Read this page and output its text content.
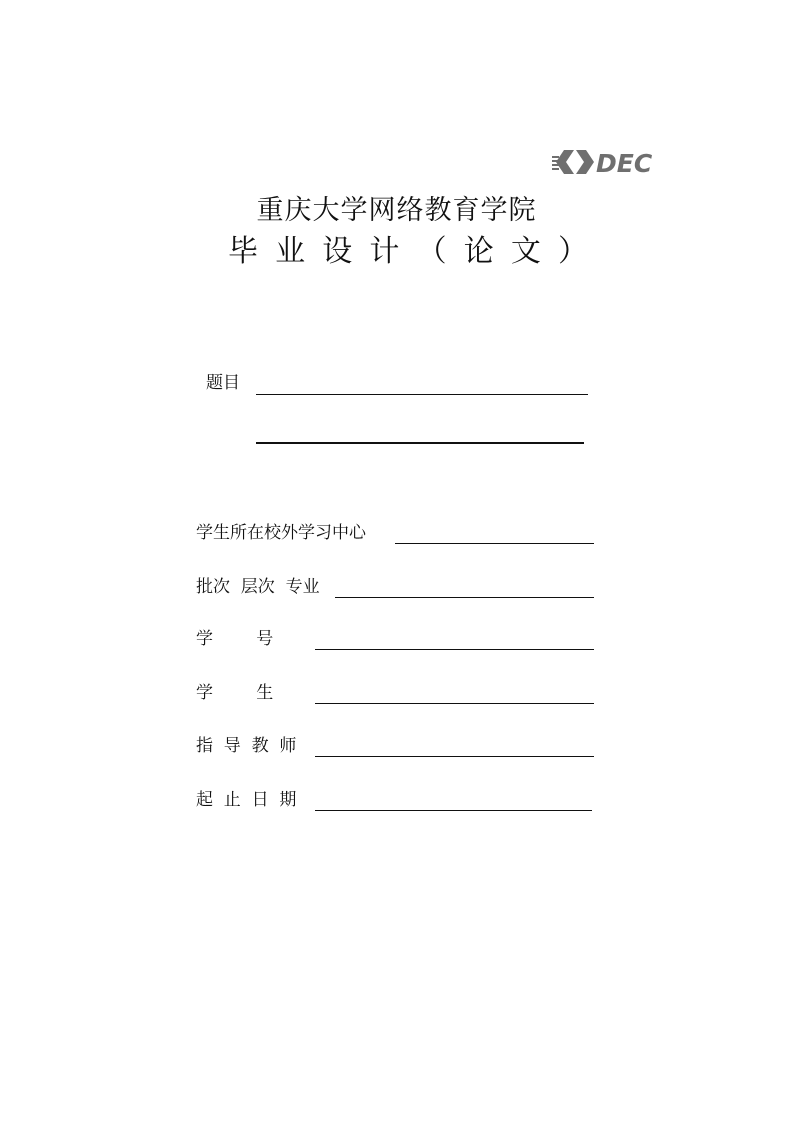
DEC
重庆大学网络教育学院
毕 业 设 计 （ 论 文 ）
题目
学生所在校外学习中心
批次  层次  专业
学        号
学        生
指  导  教  师
起  止  日  期
